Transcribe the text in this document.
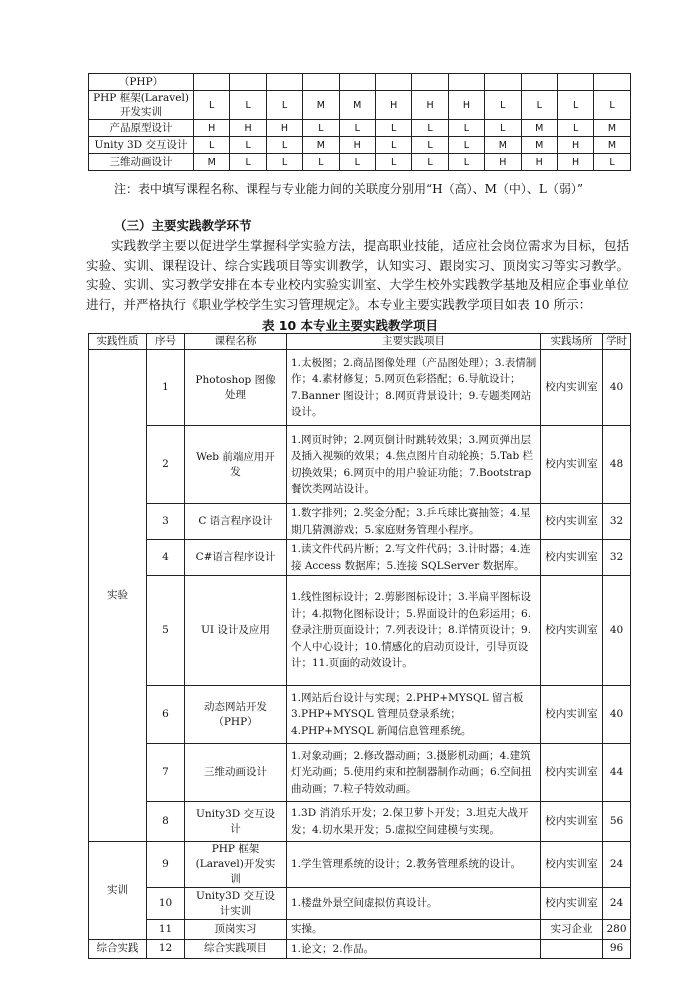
（PHP）												
PHP 框架(Laravel)开发实训	L	L	L	M	M	H	H	H	L	L	L	L
产品原型设计	H	H	H	L	L	L	L	L	L	M	L	M
Unity 3D 交互设计	L	L	L	M	H	L	L	L	M	M	H	M
三维动画设计	M	L	L	L	L	L	L	L	H	H	H	L
注：表中填写课程名称、课程与专业能力间的关联度分别用“H（高）、M（中）、L（弱）”
（三）主要实践教学环节
实践教学主要以促进学生掌握科学实验方法，提高职业技能，适应社会岗位需求为目标，包括实验、实训、课程设计、综合实践项目等实训教学，认知实习、跟岗实习、顶岗实习等实习教学。实验、实训、实习教学安排在本专业校内实验实训室、大学生校外实践教学基地及相应企事业单位进行，并严格执行《职业学校学生实习管理规定》。本专业主要实践教学项目如表 10 所示：
表 10 本专业主要实践教学项目
实践性质	序号	课程名称	主要实践项目	实践场所	学时
实验	1	Photoshop 图像处理	1.太极图；2.商品图像处理（产品图处理）；3.表情制作；4.素材修复；5.网页色彩搭配；6.导航设计；7.Banner 图设计；8.网页背景设计；9.专题类网站设计。	校内实训室	40
	2	Web 前端应用开发	1.网页时钟；2.网页倒计时跳转效果；3.网页弹出层及插入视频的效果；4.焦点图片自动轮换；5.Tab 栏切换效果；6.网页中的用户验证功能；7.Bootstrap 餐饮类网站设计。	校内实训室	48
	3	C 语言程序设计	1.数字排列；2.奖金分配；3.乒乓球比赛抽签；4.星期几猜测游戏；5.家庭财务管理小程序。	校内实训室	32
	4	C#语言程序设计	1.读文件代码片断；2.写文件代码；3.计时器；4.连接 Access 数据库；5.连接 SQLServer 数据库。	校内实训室	32
	5	UI 设计及应用	1.线性图标设计；2.剪影图标设计；3.半扁平图标设计；4.拟物化图标设计；5.界面设计的色彩运用；6.登录注册页面设计；7.列表设计；8.详情页设计；9.个人中心设计；10.情感化的启动页设计，引导页设计；11.页面的动效设计。	校内实训室	40
	6	动态网站开发（PHP）	1.网站后台设计与实现；2.PHP+MYSQL 留言板3.PHP+MYSQL 管理员登录系统；4.PHP+MYSQL 新闻信息管理系统。	校内实训室	40
	7	三维动画设计	1.对象动画；2.修改器动画；3.摄影机动画；4.建筑灯光动画；5.使用约束和控制器制作动画；6.空间扭曲动画；7.粒子特效动画。	校内实训室	44
	8	Unity3D 交互设计	1.3D 消消乐开发；2.保卫萝卜开发；3.坦克大战开发；4.切水果开发；5.虚拟空间建模与实现。	校内实训室	56
实训	9	PHP 框架(Laravel)开发实训	1.学生管理系统的设计；2.教务管理系统的设计。	校内实训室	24
	10	Unity3D 交互设计实训	1.楼盘外景空间虚拟仿真设计。	校内实训室	24
	11	顶岗实习	实操。	实习企业	280
综合实践	12	综合实践项目	1.论文；2.作品。		96
